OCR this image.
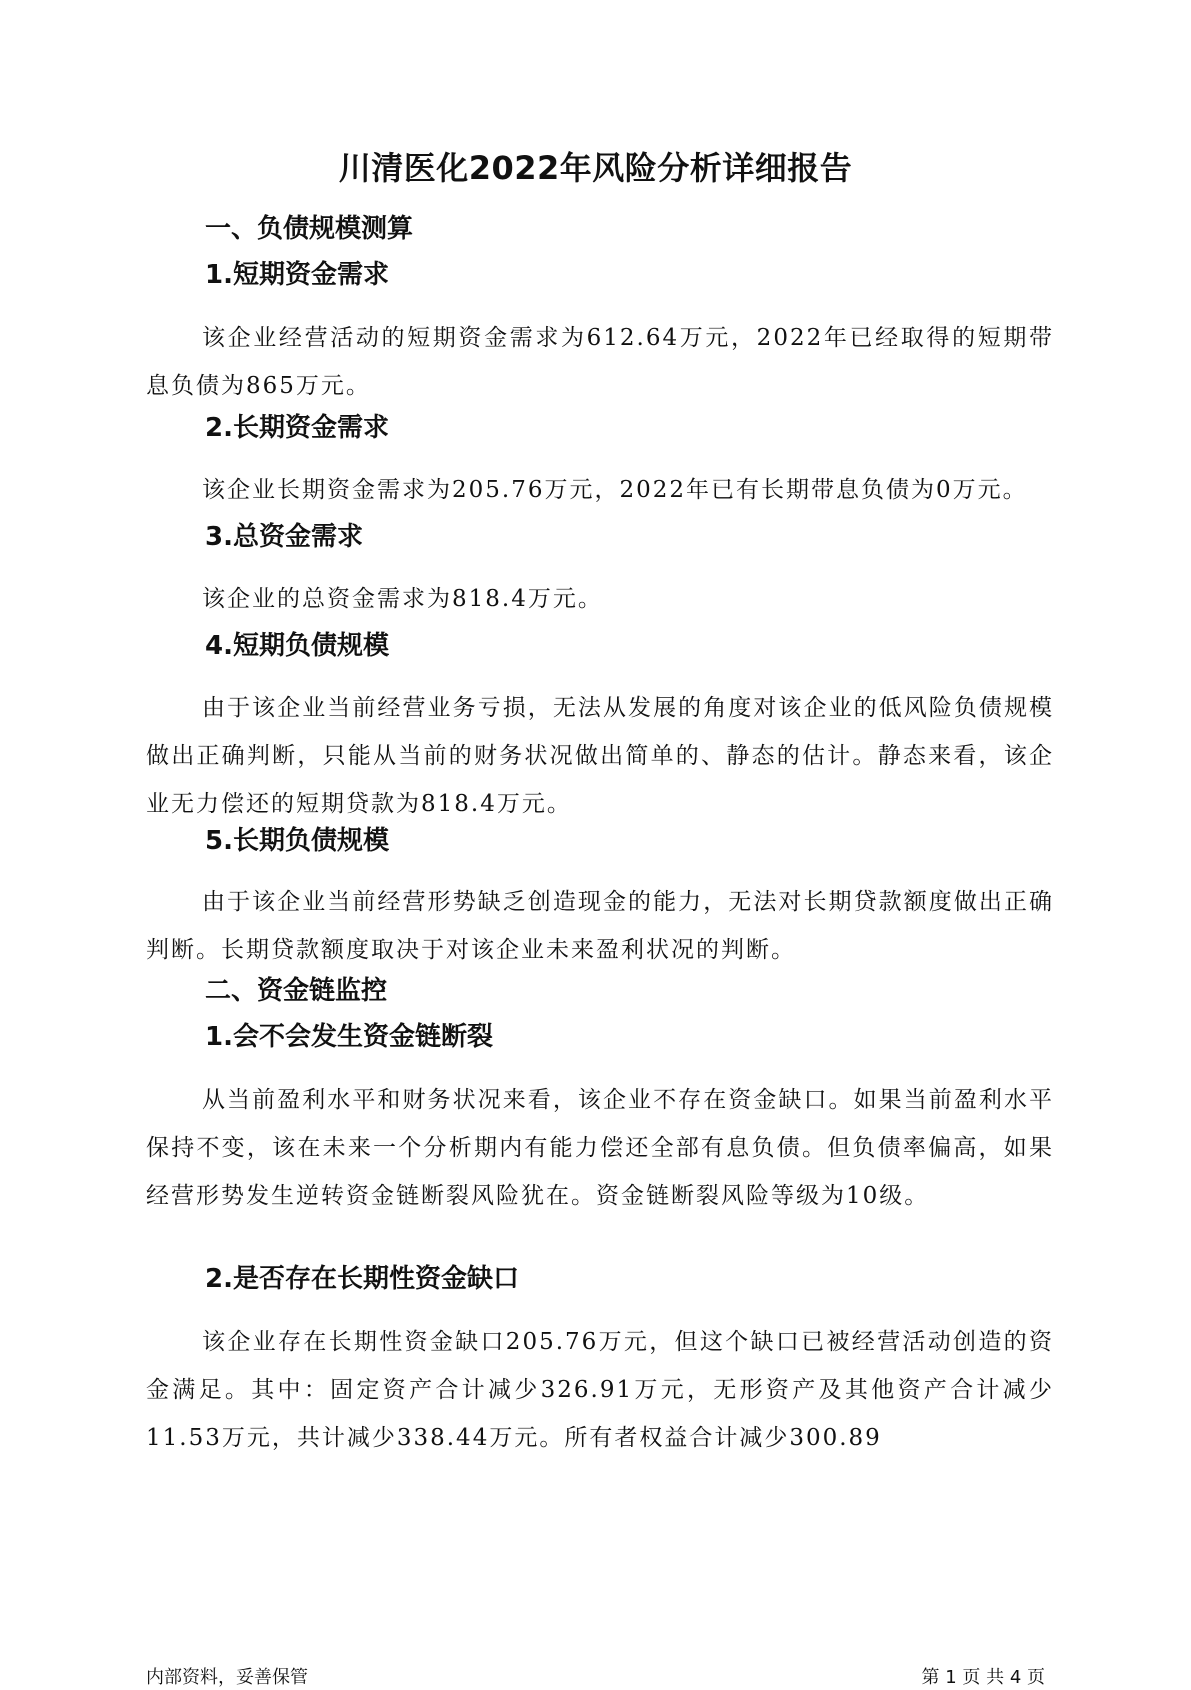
川清医化2022年风险分析详细报告
一、负债规模测算
1.短期资金需求

该企业经营活动的短期资金需求为612.64万元，2022年已经取得的短期带息负债为865万元。

2.长期资金需求

该企业长期资金需求为205.76万元，2022年已有长期带息负债为0万元。

3.总资金需求

该企业的总资金需求为818.4万元。

4.短期负债规模

由于该企业当前经营业务亏损，无法从发展的角度对该企业的低风险负债规模做出正确判断，只能从当前的财务状况做出简单的、静态的估计。静态来看，该企业无力偿还的短期贷款为818.4万元。

5.长期负债规模

由于该企业当前经营形势缺乏创造现金的能力，无法对长期贷款额度做出正确判断。长期贷款额度取决于对该企业未来盈利状况的判断。

二、资金链监控
1.会不会发生资金链断裂

从当前盈利水平和财务状况来看，该企业不存在资金缺口。如果当前盈利水平保持不变，该在未来一个分析期内有能力偿还全部有息负债。但负债率偏高，如果经营形势发生逆转资金链断裂风险犹在。资金链断裂风险等级为10级。

2.是否存在长期性资金缺口

该企业存在长期性资金缺口205.76万元，但这个缺口已被经营活动创造的资金满足。其中：固定资产合计减少326.91万元，无形资产及其他资产合计减少11.53万元，共计减少338.44万元。所有者权益合计减少300.89

内部资料，妥善保管	第 1 页 共 4 页
